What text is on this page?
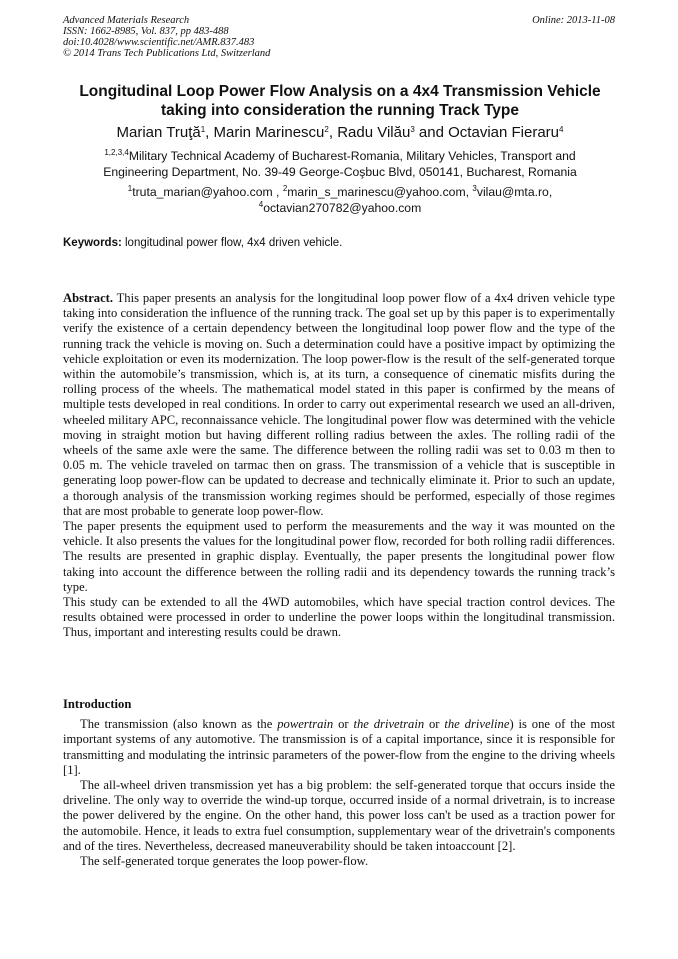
Advanced Materials Research
ISSN: 1662-8985, Vol. 837, pp 483-488
doi:10.4028/www.scientific.net/AMR.837.483
© 2014 Trans Tech Publications Ltd, Switzerland
Online: 2013-11-08
Longitudinal Loop Power Flow Analysis on a 4x4 Transmission Vehicle
taking into consideration the running Track Type
Marian Truţă$^1$, Marin Marinescu$^2$, Radu Vilău$^3$ and Octavian Fieraru$^4$
$^{1,2,3,4}$Military Technical Academy of Bucharest-Romania, Military Vehicles, Transport and
Engineering Department, No. 39-49 George-Coşbuc Blvd, 050141, Bucharest, Romania
$^1$truta_marian@yahoo.com , $^2$marin_s_marinescu@yahoo.com, $^3$vilau@mta.ro,
$^4$octavian270782@yahoo.com
Keywords: longitudinal power flow, 4x4 driven vehicle.

Abstract. This paper presents an analysis for the longitudinal loop power flow of a 4x4 driven vehicle type taking into consideration the influence of the running track. The goal set up by this paper is to experimentally verify the existence of a certain dependency between the longitudinal loop power flow and the type of the running track the vehicle is moving on. Such a determination could have a positive impact by optimizing the vehicle exploitation or even its modernization. The loop power-flow is the result of the self-generated torque within the automobile’s transmission, which is, at its turn, a consequence of cinematic misfits during the rolling process of the wheels. The mathematical model stated in this paper is confirmed by the means of multiple tests developed in real conditions. In order to carry out experimental research we used an all-driven, wheeled military APC, reconnaissance vehicle. The longitudinal power flow was determined with the vehicle moving in straight motion but having different rolling radius between the axles. The rolling radii of the wheels of the same axle were the same. The difference between the rolling radii was set to 0.03 m then to 0.05 m. The vehicle traveled on tarmac then on grass. The transmission of a vehicle that is susceptible in generating loop power-flow can be updated to decrease and technically eliminate it. Prior to such an update, a thorough analysis of the transmission working regimes should be performed, especially of those regimes that are most probable to generate loop power-flow.

The paper presents the equipment used to perform the measurements and the way it was mounted on the vehicle. It also presents the values for the longitudinal power flow, recorded for both rolling radii differences. The results are presented in graphic display. Eventually, the paper presents the longitudinal power flow taking into account the difference between the rolling radii and its dependency towards the running track’s type.

This study can be extended to all the 4WD automobiles, which have special traction control devices. The results obtained were processed in order to underline the power loops within the longitudinal transmission. Thus, important and interesting results could be drawn.

Introduction

The transmission (also known as the powertrain or the drivetrain or the driveline) is one of the most important systems of any automotive. The transmission is of a capital importance, since it is responsible for transmitting and modulating the intrinsic parameters of the power-flow from the engine to the driving wheels [1].

The all-wheel driven transmission yet has a big problem: the self-generated torque that occurs inside the driveline. The only way to override the wind-up torque, occurred inside of a normal drivetrain, is to increase the power delivered by the engine. On the other hand, this power loss can't be used as a traction power for the automobile. Hence, it leads to extra fuel consumption, supplementary wear of the drivetrain's components and of the tires. Nevertheless, decreased maneuverability should be taken intoaccount [2].

The self-generated torque generates the loop power-flow.
